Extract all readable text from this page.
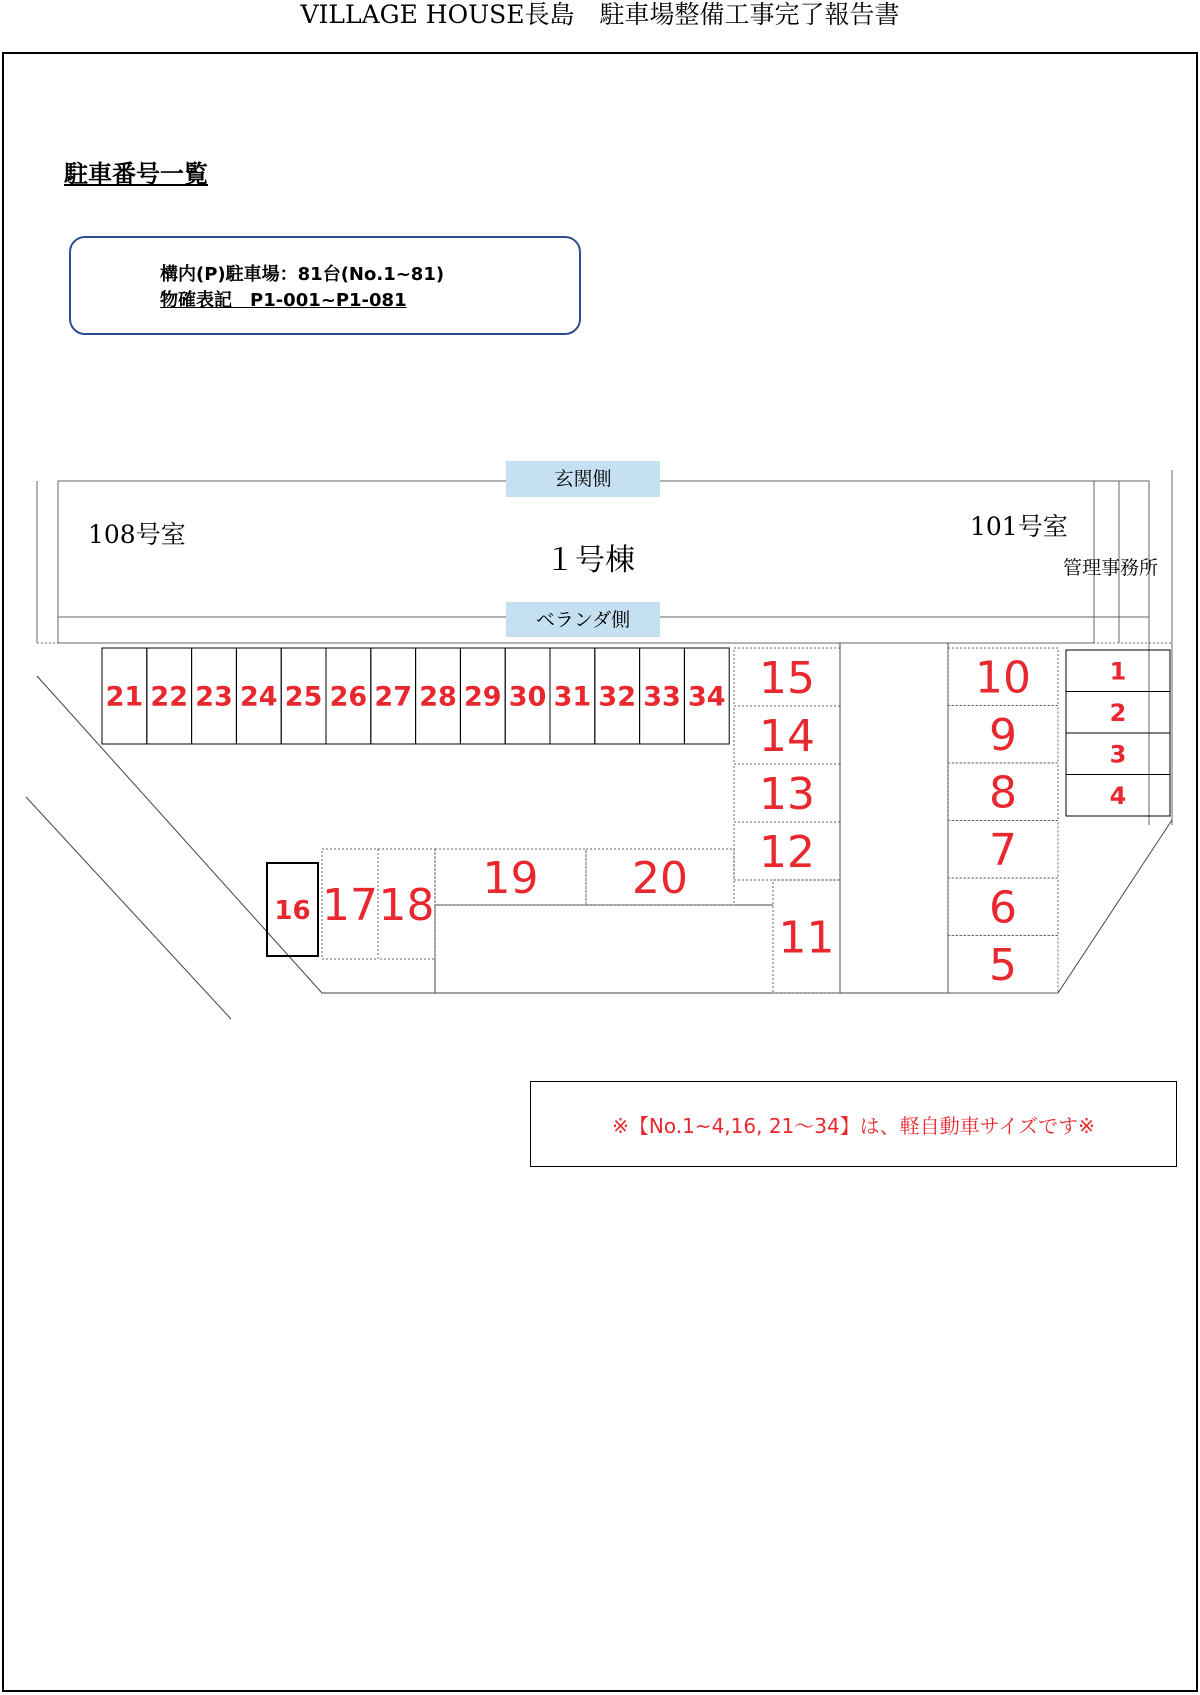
VILLAGE HOUSE長島　駐車場整備工事完了報告書
駐車番号一覧
構内(P)駐車場：81台(No.1~81)
物確表記　P1-001~P1-081
玄関側
ベランダ側
１号棟
108号室	101号室
管理事務所
21 22 23 24 25 26 27 28 29 30 31 32 33 34 15
14
13
12
11
10
9
8
7
6
5
1
2
3
4
16 17 18
19 20
※【No.1~4,16, 21～34】は、軽自動車サイズです※
